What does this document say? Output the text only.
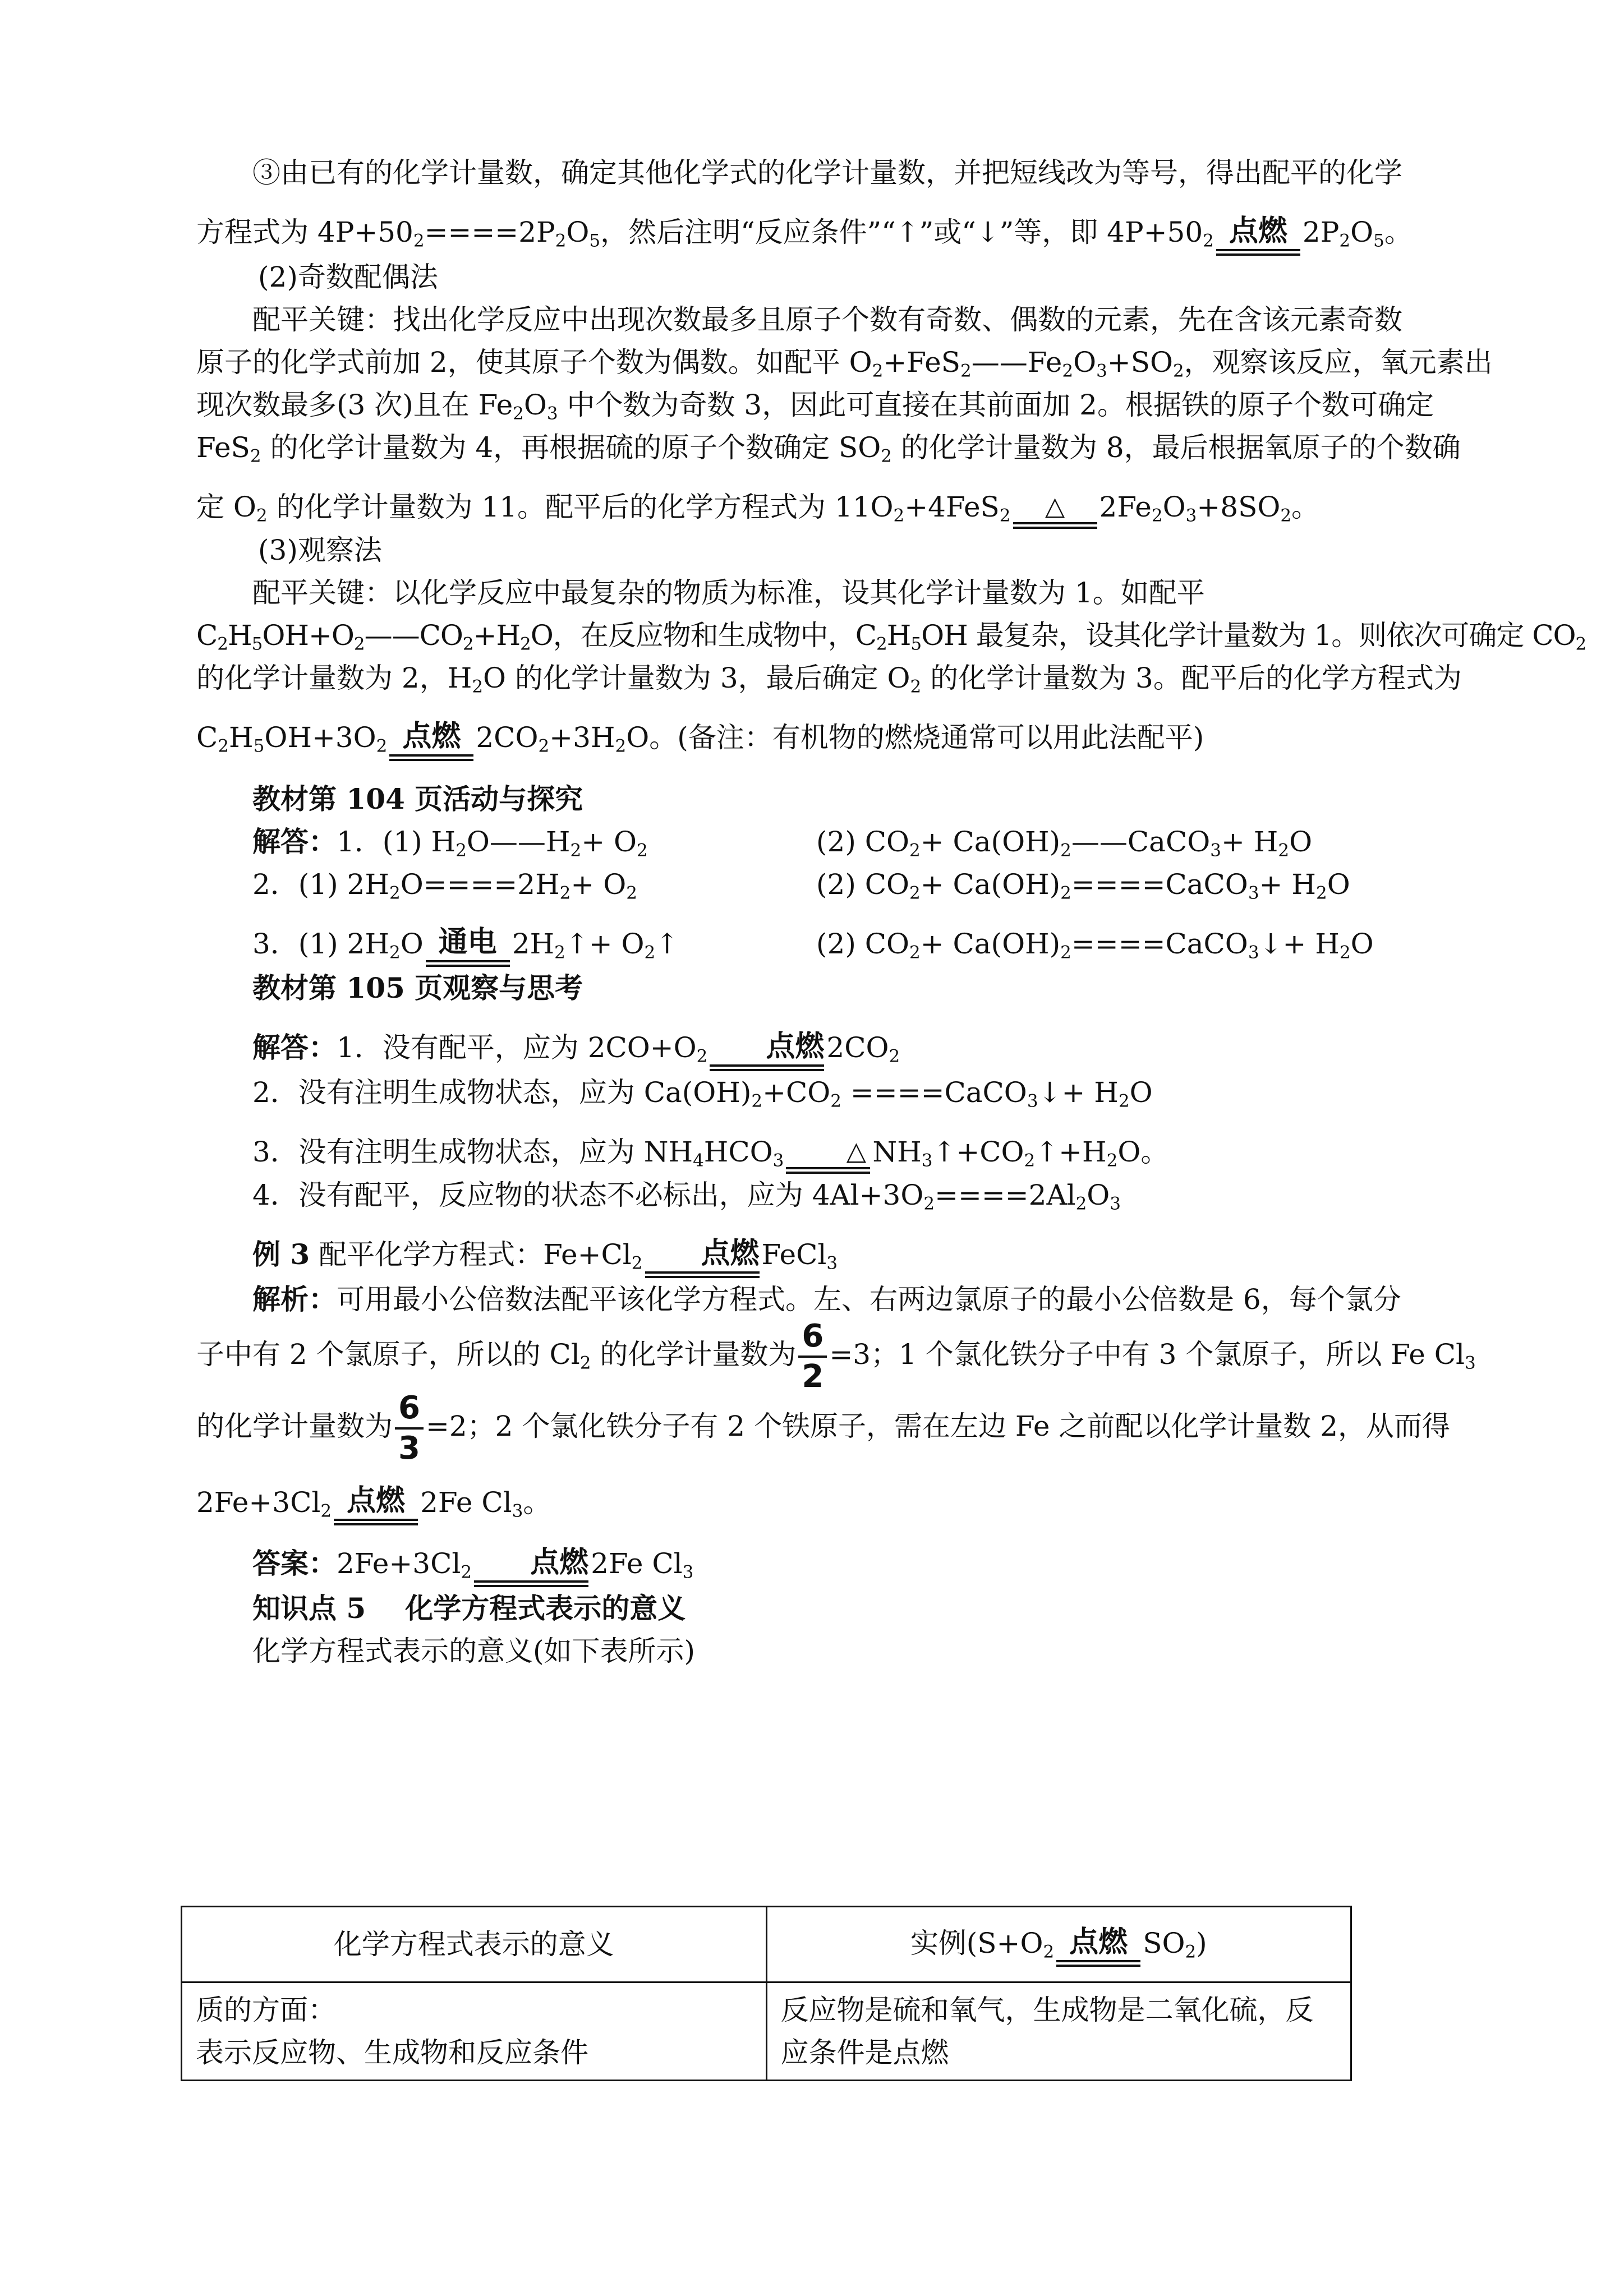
③由已有的化学计量数，确定其他化学式的化学计量数，并把短线改为等号，得出配平的化学

方程式为 $4P+50_2====2P_2O_5$，然后注明“反应条件”“↑”或“↓”等，即 $4P+50_2$ 点燃 $2P_2O_5$。

(2)奇数配偶法

配平关键：找出化学反应中出现次数最多且原子个数有奇数、偶数的元素，先在含该元素奇数

原子的化学式前加 2，使其原子个数为偶数。如配平 $O_2+FeS_2——Fe_2O_3+SO_2$，观察该反应，氧元素出

现次数最多(3 次)且在 $Fe_2O_3$ 中个数为奇数 3，因此可直接在其前面加 2。根据铁的原子个数可确定

FeS$_2$ 的化学计量数为 4，再根据硫的原子个数确定 $SO_2$ 的化学计量数为 8，最后根据氧原子的个数确

定 $O_2$ 的化学计量数为 11。配平后的化学方程式为 $11O_2+4FeS_2$ △ $2Fe_2O_3+8SO_2$。

(3)观察法

配平关键：以化学反应中最复杂的物质为标准，设其化学计量数为 1。如配平

$C_2H_5OH+O_2——CO_2+H_2O$，在反应物和生成物中，$C_2H_5OH$ 最复杂，设其化学计量数为 1。则依次可确定 $CO_2$

的化学计量数为 2，$H_2O$ 的化学计量数为 3，最后确定 $O_2$ 的化学计量数为 3。配平后的化学方程式为

$C_2H_5OH+3O_2$ 点燃 $2CO_2+3H_2O$。(备注：有机物的燃烧通常可以用此法配平)

教材第 104 页活动与探究

解答：1．(1) $H_2O——H_2+ O_2$	(2) $CO_2+$ $Ca(OH)_2——CaCO_3+ H_2O$
2．(1) $2H_2O====2H_2+ O_2$	(2) $CO_2+$ $Ca(OH)_2====CaCO_3+ H_2O$
3．(1) $2H_2O$ 通电 $2H_2↑+$ $O_2↑$	(2) $CO_2+$ $Ca(OH)_2====CaCO_3↓+ H_2O$

教材第 105 页观察与思考

解答：1．没有配平，应为 $2CO+O_2$	点燃 $2CO_2$

2．没有注明生成物状态，应为 $Ca(OH)_2+CO_2$ ====CaCO$_3$↓+ $H_2O$

3．没有注明生成物状态，应为 $NH_4HCO_3$	△ $NH_3↑+CO_2↑+H_2O$。

4．没有配平，反应物的状态不必标出，应为 $4Al+3O_2====2Al_2O_3$

例 3 配平化学方程式：$Fe+Cl_2$	点燃 FeCl$_3$

解析：可用最小公倍数法配平该化学方程式。左、右两边氯原子的最小公倍数是 6，每个氯分

子中有 2 个氯原子，所以的 $Cl_2$ 的化学计量数为 $\frac{6}{2} =3$；1 个氯化铁分子中有 3 个氯原子，所以 Fe $Cl_3$

的化学计量数为 $\frac{6}{3} =2$；2 个氯化铁分子有 2 个铁原子，需在左边 Fe 之前配以化学计量数 2，从而得

$2Fe+3Cl_2$ 点燃 2Fe $Cl_3$。

答案：$2Fe+3Cl_2$	点燃 2Fe $Cl_3$

知识点 5 化学方程式表示的意义

化学方程式表示的意义(如下表所示)

化学方程式表示的意义	实例($S+O_2$ 点燃 $SO_2$)

质的方面：
表示反应物、生成物和反应条件	反应物是硫和氧气，生成物是二氧化硫，反应条件是点燃
